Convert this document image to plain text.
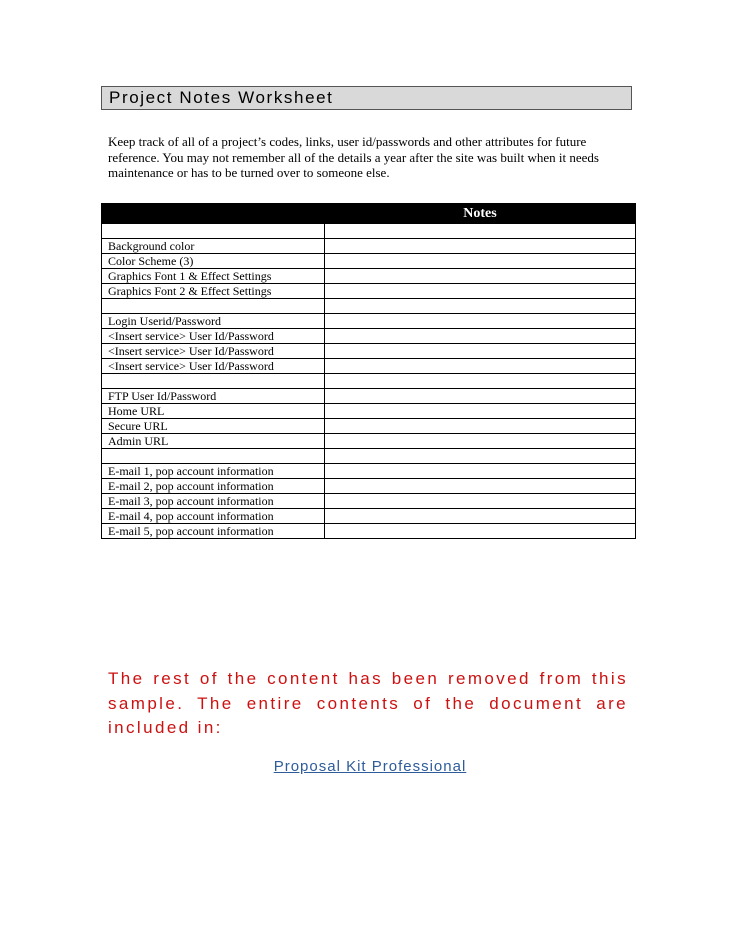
Project Notes Worksheet
Keep track of all of a project’s codes, links, user id/passwords and other attributes for future reference. You may not remember all of the details a year after the site was built when it needs maintenance or has to be turned over to someone else.
	Notes

Background color	
Color Scheme (3)	
Graphics Font 1 & Effect Settings	
Graphics Font 2 & Effect Settings	

Login Userid/Password	
<Insert service> User Id/Password	
<Insert service> User Id/Password	
<Insert service> User Id/Password	

FTP User Id/Password	
Home URL	
Secure URL	
Admin URL	

E-mail 1, pop account information	
E-mail 2, pop account information	
E-mail 3, pop account information	
E-mail 4, pop account information	
E-mail 5, pop account information	
The rest of the content has been removed from this sample. The entire contents of the document are included in:
Proposal Kit Professional
